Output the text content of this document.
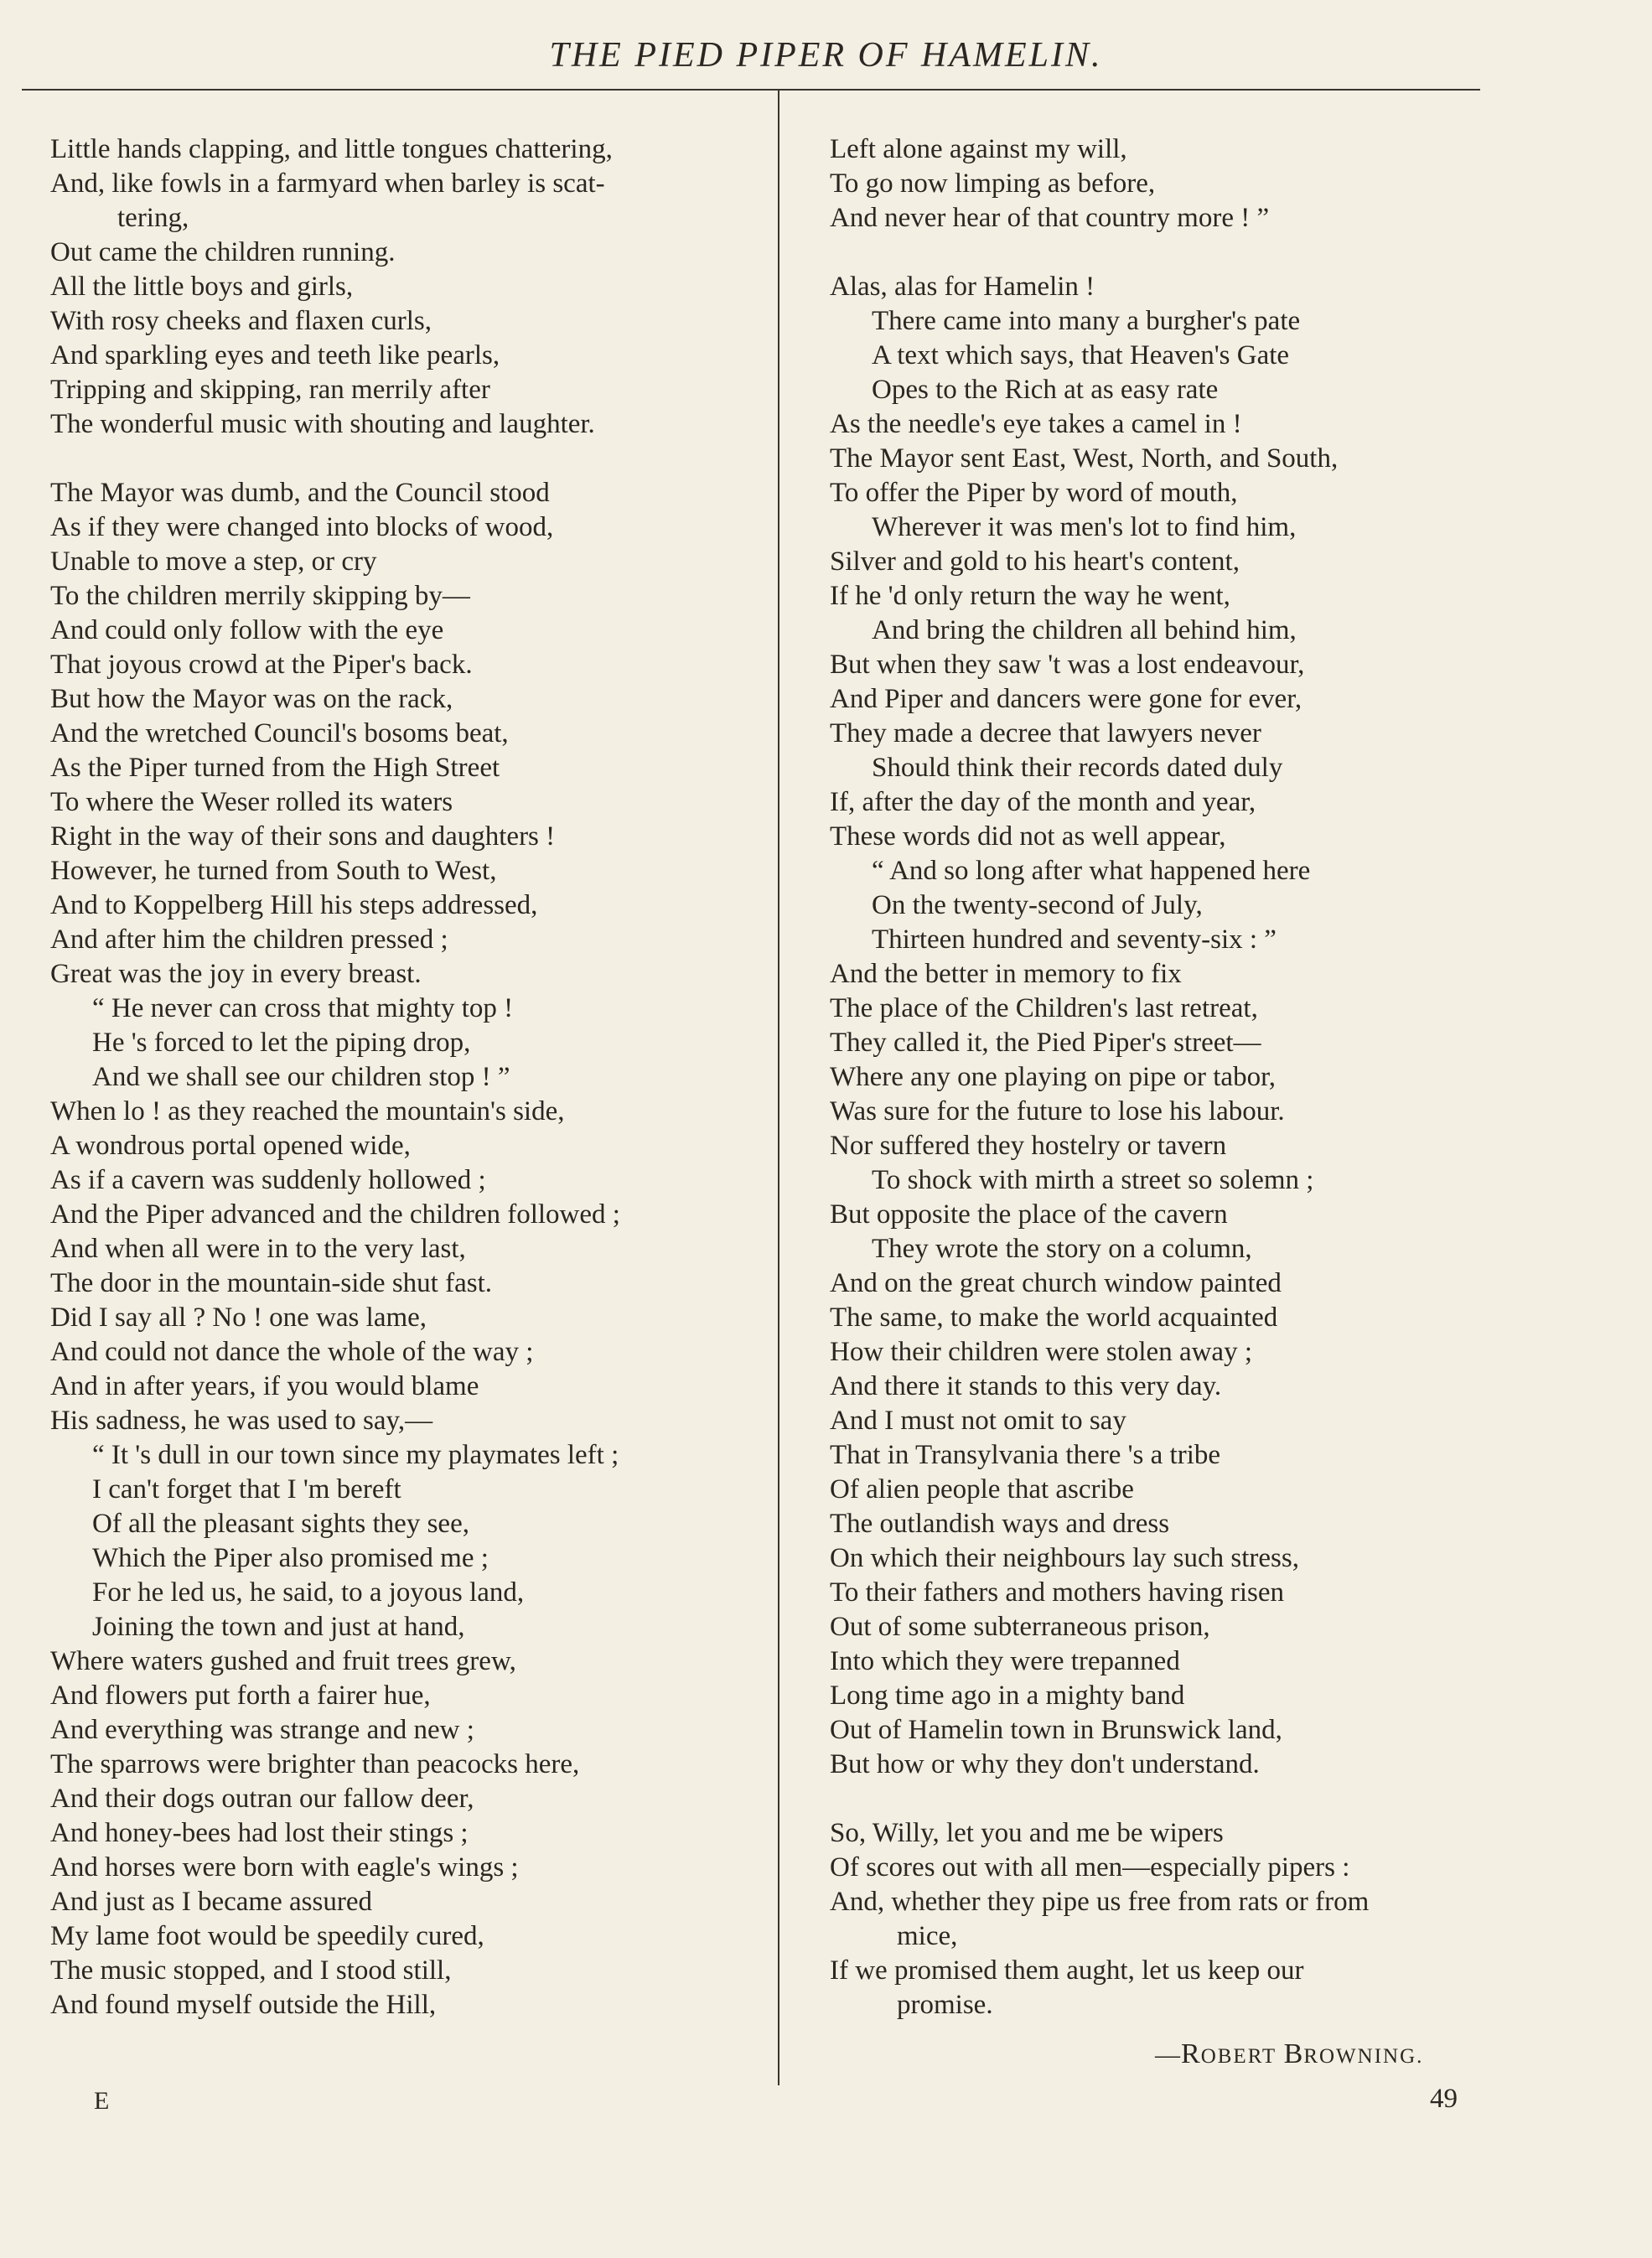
THE PIED PIPER OF HAMELIN.
Little hands clapping, and little tongues chattering,
And, like fowls in a farmyard when barley is scat-
tering,
Out came the children running.
All the little boys and girls,
With rosy cheeks and flaxen curls,
And sparkling eyes and teeth like pearls,
Tripping and skipping, ran merrily after
The wonderful music with shouting and laughter.
The Mayor was dumb, and the Council stood
As if they were changed into blocks of wood,
Unable to move a step, or cry
To the children merrily skipping by—
And could only follow with the eye
That joyous crowd at the Piper's back.
But how the Mayor was on the rack,
And the wretched Council's bosoms beat,
As the Piper turned from the High Street
To where the Weser rolled its waters
Right in the way of their sons and daughters !
However, he turned from South to West,
And to Koppelberg Hill his steps addressed,
And after him the children pressed ;
Great was the joy in every breast.
“ He never can cross that mighty top !
He 's forced to let the piping drop,
And we shall see our children stop ! ”
When lo ! as they reached the mountain's side,
A wondrous portal opened wide,
As if a cavern was suddenly hollowed ;
And the Piper advanced and the children followed ;
And when all were in to the very last,
The door in the mountain-side shut fast.
Did I say all ? No ! one was lame,
And could not dance the whole of the way ;
And in after years, if you would blame
His sadness, he was used to say,—
“ It 's dull in our town since my playmates left ;
I can't forget that I 'm bereft
Of all the pleasant sights they see,
Which the Piper also promised me ;
For he led us, he said, to a joyous land,
Joining the town and just at hand,
Where waters gushed and fruit trees grew,
And flowers put forth a fairer hue,
And everything was strange and new ;
The sparrows were brighter than peacocks here,
And their dogs outran our fallow deer,
And honey-bees had lost their stings ;
And horses were born with eagle's wings ;
And just as I became assured
My lame foot would be speedily cured,
The music stopped, and I stood still,
And found myself outside the Hill,
Left alone against my will,
To go now limping as before,
And never hear of that country more ! ”
Alas, alas for Hamelin !
There came into many a burgher's pate
A text which says, that Heaven's Gate
Opes to the Rich at as easy rate
As the needle's eye takes a camel in !
The Mayor sent East, West, North, and South,
To offer the Piper by word of mouth,
Wherever it was men's lot to find him,
Silver and gold to his heart's content,
If he 'd only return the way he went,
And bring the children all behind him,
But when they saw 't was a lost endeavour,
And Piper and dancers were gone for ever,
They made a decree that lawyers never
Should think their records dated duly
If, after the day of the month and year,
These words did not as well appear,
“ And so long after what happened here
On the twenty-second of July,
Thirteen hundred and seventy-six : ”
And the better in memory to fix
The place of the Children's last retreat,
They called it, the Pied Piper's street—
Where any one playing on pipe or tabor,
Was sure for the future to lose his labour.
Nor suffered they hostelry or tavern
To shock with mirth a street so solemn ;
But opposite the place of the cavern
They wrote the story on a column,
And on the great church window painted
The same, to make the world acquainted
How their children were stolen away ;
And there it stands to this very day.
And I must not omit to say
That in Transylvania there 's a tribe
Of alien people that ascribe
The outlandish ways and dress
On which their neighbours lay such stress,
To their fathers and mothers having risen
Out of some subterraneous prison,
Into which they were trepanned
Long time ago in a mighty band
Out of Hamelin town in Brunswick land,
But how or why they don't understand.
So, Willy, let you and me be wipers
Of scores out with all men—especially pipers :
And, whether they pipe us free from rats or from
mice,
If we promised them aught, let us keep our
promise.
—ROBERT BROWNING.
E	49
